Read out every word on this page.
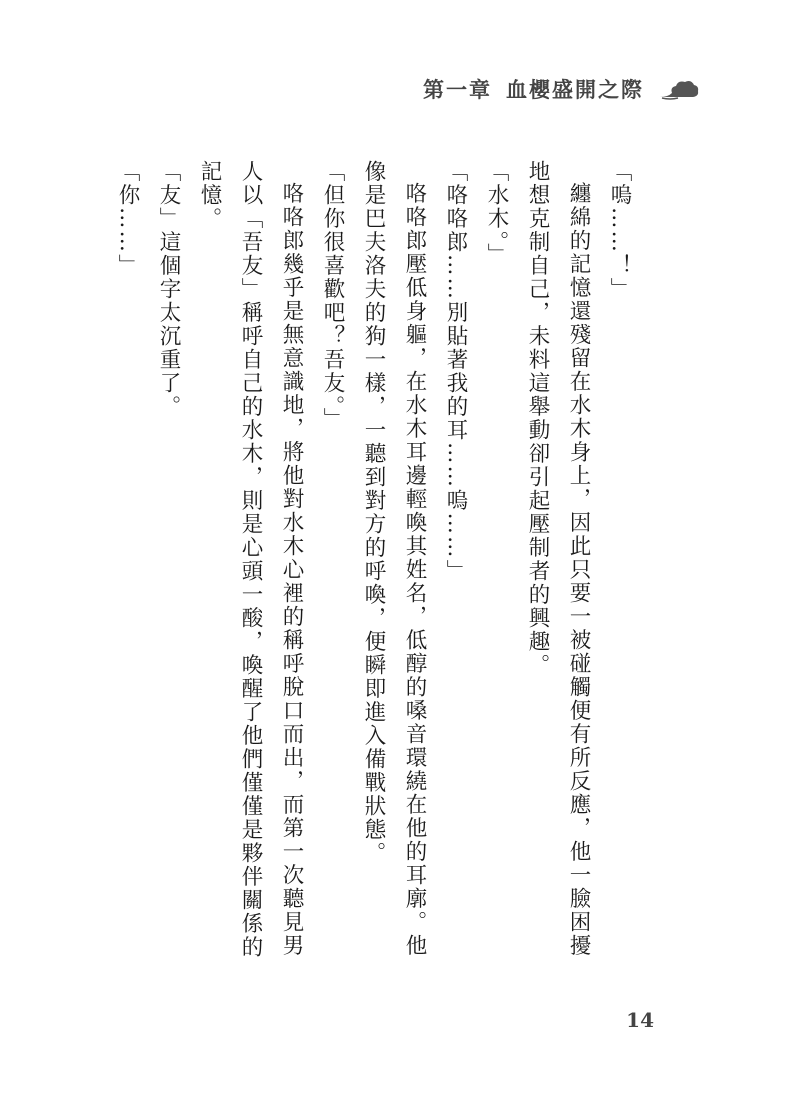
第一章 血櫻盛開之際

「嗚……！」

纏綿的記憶還殘留在水木身上，因此只要一被碰觸便有所反應，他一臉困擾地想克制自己，未料這舉動卻引起壓制者的興趣。

「水木。」

「咯咯郎……別貼著我的耳……嗚……」

咯咯郎壓低身軀，在水木耳邊輕喚其姓名，低醇的嗓音環繞在他的耳廓。他像是巴夫洛夫的狗一樣，一聽到對方的呼喚，便瞬即進入備戰狀態。

「但你很喜歡吧？吾友。」

咯咯郎幾乎是無意識地，將他對水木心裡的稱呼脫口而出，而第一次聽見男人以「吾友」稱呼自己的水木，則是心頭一酸，喚醒了他們僅僅是夥伴關係的記憶。

「友」這個字太沉重了。

「你……」

14
